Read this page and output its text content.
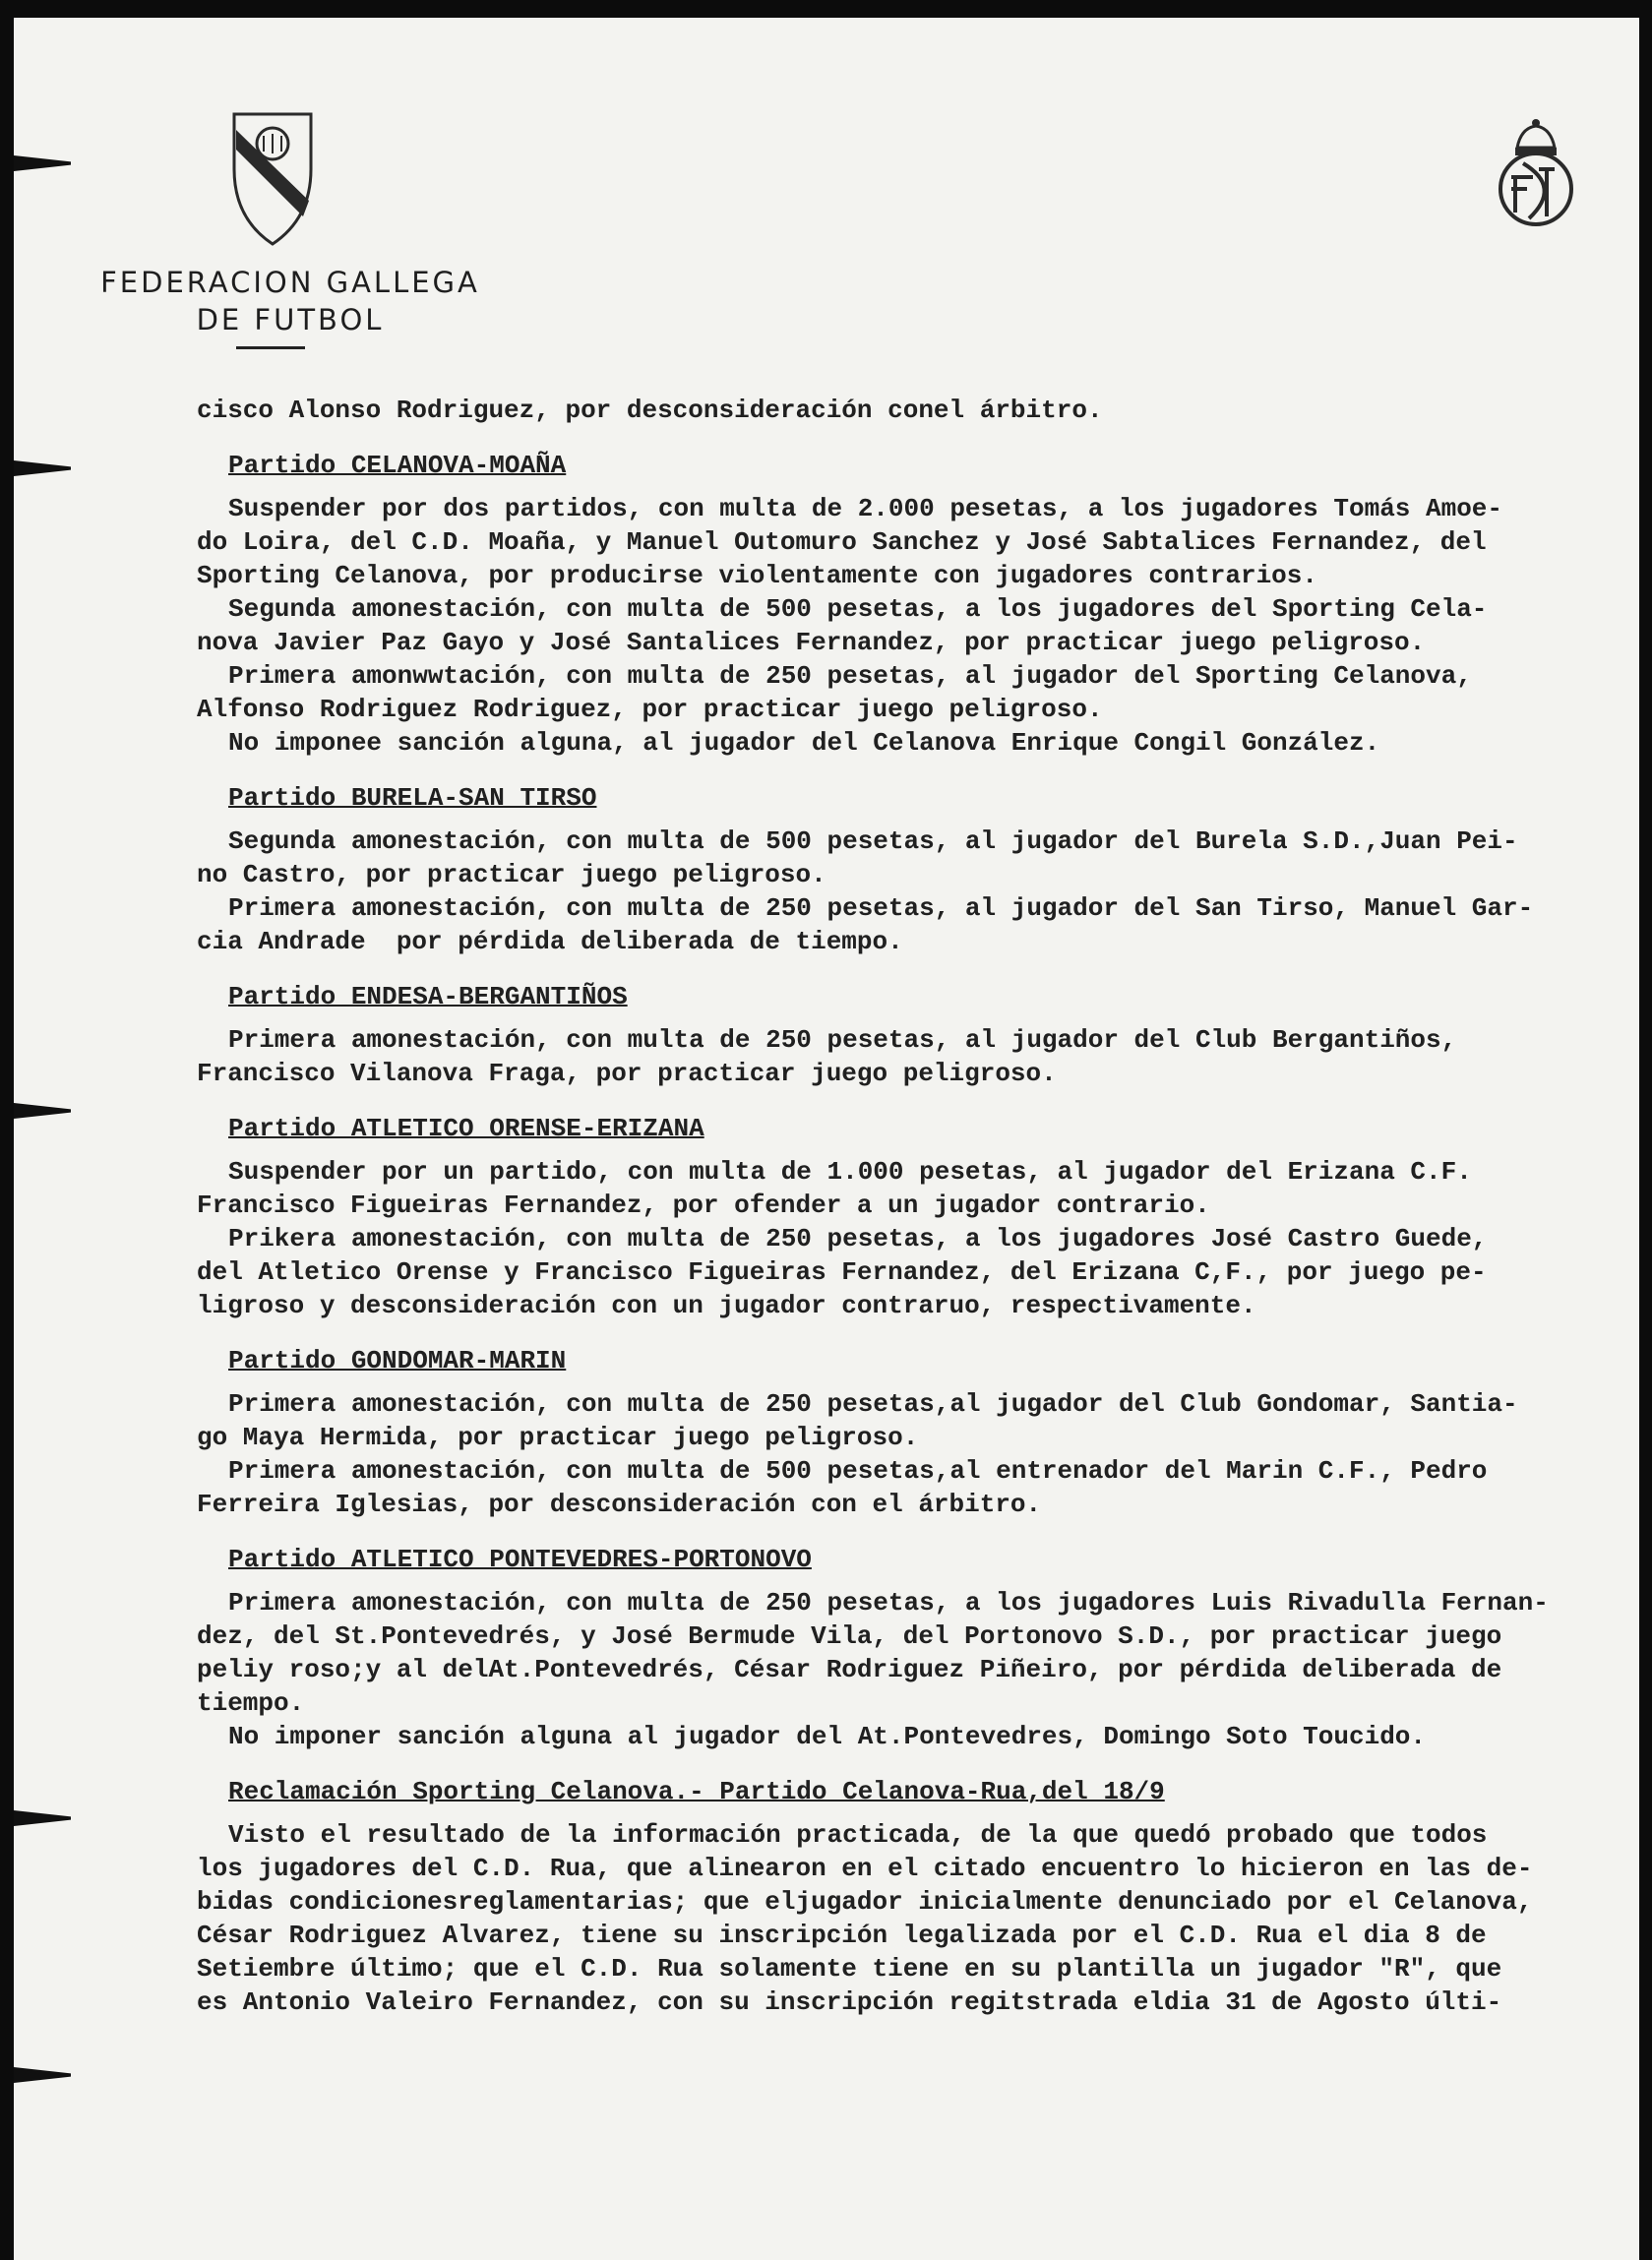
FEDERACION GALLEGA
DE FUTBOL
cisco Alonso Rodriguez, por desconsideración conel árbitro.
Partido CELANOVA-MOAÑA
Suspender por dos partidos, con multa de 2.000 pesetas, a los jugadores Tomás Amoe-
do Loira, del C.D. Moaña, y Manuel Outomuro Sanchez y José Sabtalices Fernandez, del
Sporting Celanova, por producirse violentamente con jugadores contrarios.
Segunda amonestación, con multa de 500 pesetas, a los jugadores del Sporting Cela-
nova Javier Paz Gayo y José Santalices Fernandez, por practicar juego peligroso.
Primera amonwwtación, con multa de 250 pesetas, al jugador del Sporting Celanova,
Alfonso Rodriguez Rodriguez, por practicar juego peligroso.
No imponee sanción alguna, al jugador del Celanova Enrique Congil González.
Partido BURELA-SAN TIRSO
Segunda amonestación, con multa de 500 pesetas, al jugador del Burela S.D.,Juan Pei-
no Castro, por practicar juego peligroso.
Primera amonestación, con multa de 250 pesetas, al jugador del San Tirso, Manuel Gar-
cia Andrade  por pérdida deliberada de tiempo.
Partido ENDESA-BERGANTIÑOS
Primera amonestación, con multa de 250 pesetas, al jugador del Club Bergantiños,
Francisco Vilanova Fraga, por practicar juego peligroso.
Partido ATLETICO ORENSE-ERIZANA
Suspender por un partido, con multa de 1.000 pesetas, al jugador del Erizana C.F.
Francisco Figueiras Fernandez, por ofender a un jugador contrario.
Prikera amonestación, con multa de 250 pesetas, a los jugadores José Castro Guede,
del Atletico Orense y Francisco Figueiras Fernandez, del Erizana C,F., por juego pe-
ligroso y desconsideración con un jugador contraruo, respectivamente.
Partido GONDOMAR-MARIN
Primera amonestación, con multa de 250 pesetas,al jugador del Club Gondomar, Santia-
go Maya Hermida, por practicar juego peligroso.
Primera amonestación, con multa de 500 pesetas,al entrenador del Marin C.F., Pedro
Ferreira Iglesias, por desconsideración con el árbitro.
Partido ATLETICO PONTEVEDRES-PORTONOVO
Primera amonestación, con multa de 250 pesetas, a los jugadores Luis Rivadulla Fernan-
dez, del St.Pontevedrés, y José Bermude Vila, del Portonovo S.D., por practicar juego
peliy roso;y al delAt.Pontevedrés, César Rodriguez Piñeiro, por pérdida deliberada de
tiempo.
No imponer sanción alguna al jugador del At.Pontevedres, Domingo Soto Toucido.
Reclamación Sporting Celanova.- Partido Celanova-Rua,del 18/9
Visto el resultado de la información practicada, de la que quedó probado que todos
los jugadores del C.D. Rua, que alinearon en el citado encuentro lo hicieron en las de-
bidas condicionesreglamentarias; que eljugador inicialmente denunciado por el Celanova,
César Rodriguez Alvarez, tiene su inscripción legalizada por el C.D. Rua el dia 8 de
Setiembre último; que el C.D. Rua solamente tiene en su plantilla un jugador "R", que
es Antonio Valeiro Fernandez, con su inscripción regitstrada eldia 31 de Agosto últi-
